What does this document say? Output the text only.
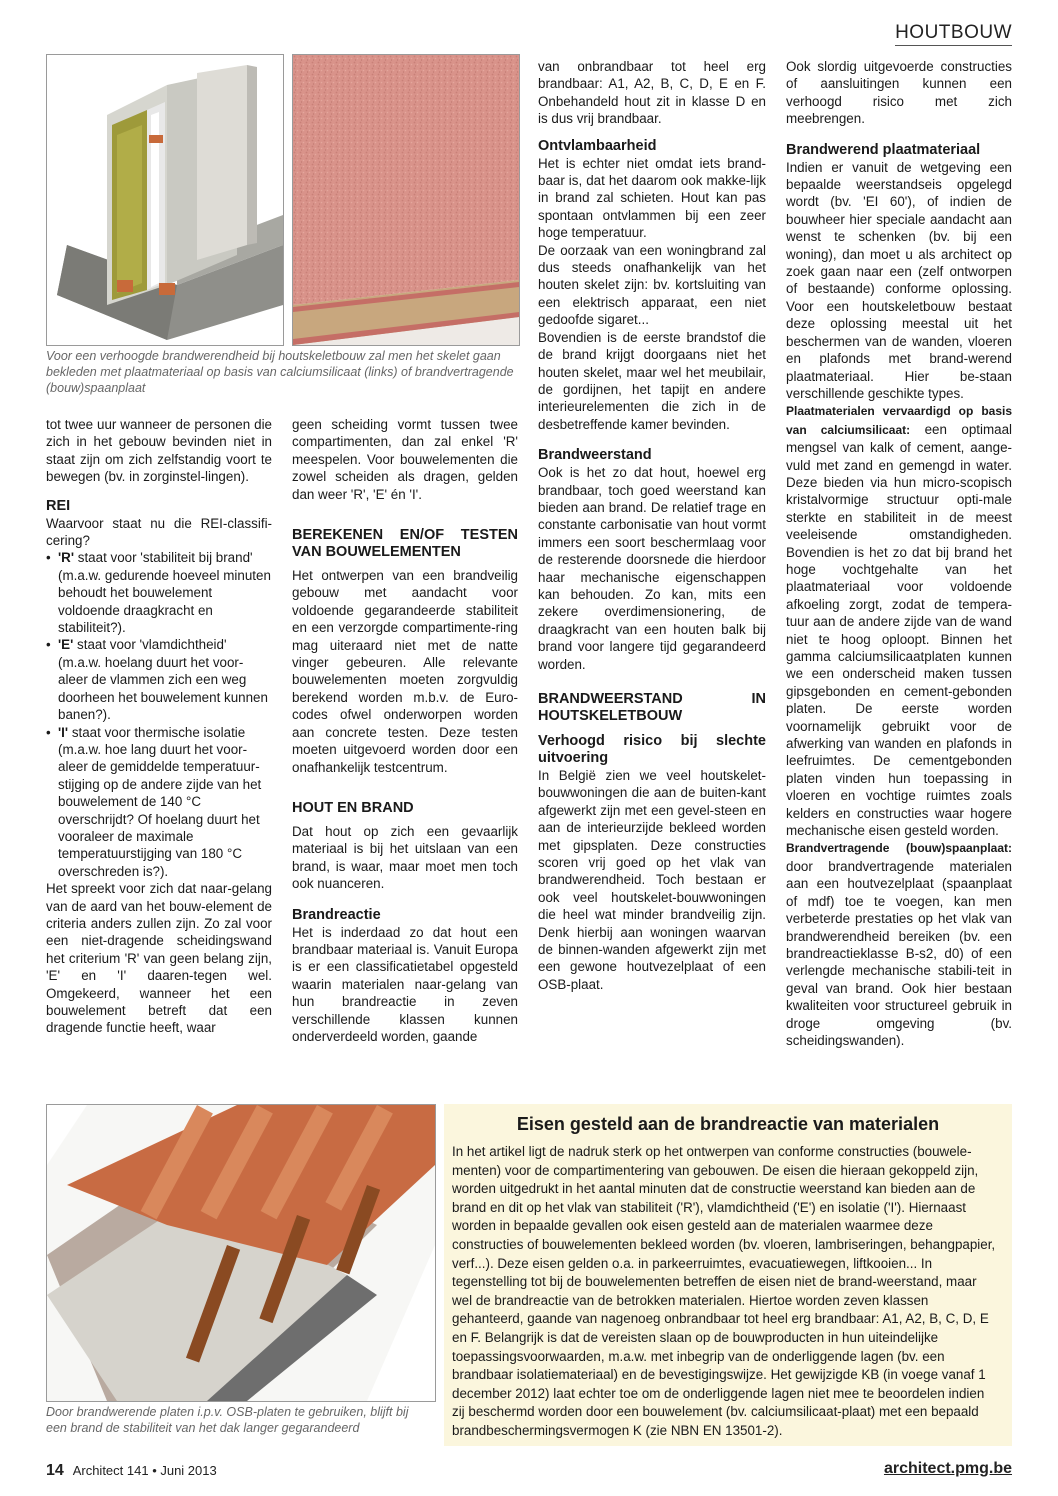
HOUTBOUW
Voor een verhoogde brandwerendheid bij houtskeletbouw zal men het skelet gaan bekleden met plaatmateriaal op basis van calciumsilicaat (links) of brandvertragende (bouw)spaanplaat

tot twee uur wanneer de personen die zich in het gebouw bevinden niet in staat zijn om zich zelfstandig voort te bewegen (bv. in zorginstel-lingen).

REI

Waarvoor staat nu die REI-classifi-cering?

• 'R' staat voor 'stabiliteit bij brand' (m.a.w. gedurende hoeveel minuten behoudt het bouwelement voldoende draagkracht en stabiliteit?).
• 'E' staat voor 'vlamdichtheid' (m.a.w. hoelang duurt het voor-aleer de vlammen zich een weg doorheen het bouwelement kunnen banen?).
• 'I' staat voor thermische isolatie (m.a.w. hoe lang duurt het voor-aleer de gemiddelde temperatuur-stijging op de andere zijde van het bouwelement de 140 °C overschrijdt? Of hoelang duurt het vooraleer de maximale temperatuurstijging van 180 °C overschreden is?).

Het spreekt voor zich dat naar-gelang van de aard van het bouw-element de criteria anders zullen zijn. Zo zal voor een niet-dragende scheidingswand het criterium 'R' van geen belang zijn, 'E' en 'I' daaren-tegen wel. Omgekeerd, wanneer het een bouwelement betreft dat een dragende functie heeft, waar

geen scheiding vormt tussen twee compartimenten, dan zal enkel 'R' meespelen. Voor bouwelementen die zowel scheiden als dragen, gelden dan weer 'R', 'E' én 'I'.

BEREKENEN EN/OF TESTEN VAN BOUWELEMENTEN

Het ontwerpen van een brandveilig gebouw met aandacht voor voldoende gegarandeerde stabiliteit en een verzorgde compartimente-ring mag uiteraard niet met de natte vinger gebeuren. Alle relevante bouwelementen moeten zorgvuldig berekend worden m.b.v. de Euro-codes ofwel onderworpen worden aan concrete testen. Deze testen moeten uitgevoerd worden door een onafhankelijk testcentrum.

HOUT EN BRAND

Dat hout op zich een gevaarlijk materiaal is bij het uitslaan van een brand, is waar, maar moet men toch ook nuanceren.

Brandreactie

Het is inderdaad zo dat hout een brandbaar materiaal is. Vanuit Europa is er een classificatietabel opgesteld waarin materialen naar-gelang van hun brandreactie in zeven verschillende klassen kunnen onderverdeeld worden, gaande

van onbrandbaar tot heel erg brandbaar: A1, A2, B, C, D, E en F. Onbehandeld hout zit in klasse D en is dus vrij brandbaar.

Ontvlambaarheid

Het is echter niet omdat iets brand-baar is, dat het daarom ook makke-lijk in brand zal schieten. Hout kan pas spontaan ontvlammen bij een zeer hoge temperatuur.

De oorzaak van een woningbrand zal dus steeds onafhankelijk van het houten skelet zijn: bv. kortsluiting van een elektrisch apparaat, een niet gedoofde sigaret...

Bovendien is de eerste brandstof die de brand krijgt doorgaans niet het houten skelet, maar wel het meubilair, de gordijnen, het tapijt en andere interieurelementen die zich in de desbetreffende kamer bevinden.

Brandweerstand

Ook is het zo dat hout, hoewel erg brandbaar, toch goed weerstand kan bieden aan brand. De relatief trage en constante carbonisatie van hout vormt immers een soort beschermlaag voor de resterende doorsnede die hierdoor haar mechanische eigenschappen kan behouden. Zo kan, mits een zekere overdimensionering, de draagkracht van een houten balk bij brand voor langere tijd gegarandeerd worden.

BRANDWEERSTAND IN HOUTSKELETBOUW
Verhoogd risico bij slechte uitvoering

In België zien we veel houtskelet-bouwwoningen die aan de buiten-kant afgewerkt zijn met een gevel-steen en aan de interieurzijde bekleed worden met gipsplaten. Deze constructies scoren vrij goed op het vlak van brandwerendheid. Toch bestaan er ook veel houtskelet-bouwwoningen die heel wat minder brandveilig zijn. Denk hierbij aan woningen waarvan de binnen-wanden afgewerkt zijn met een gewone houtvezelplaat of een OSB-plaat.

Ook slordig uitgevoerde constructies of aansluitingen kunnen een verhoogd risico met zich meebrengen.

Brandwerend plaatmateriaal

Indien er vanuit de wetgeving een bepaalde weerstandseis opgelegd wordt (bv. 'EI 60'), of indien de bouwheer hier speciale aandacht aan wenst te schenken (bv. bij een woning), dan moet u als architect op zoek gaan naar een (zelf ontworpen of bestaande) conforme oplossing. Voor een houtskeletbouw bestaat deze oplossing meestal uit het beschermen van de wanden, vloeren en plafonds met brand-werend plaatmateriaal. Hier be-staan verschillende geschikte types.

Plaatmaterialen vervaardigd op basis van calciumsilicaat: een optimaal mengsel van kalk of cement, aange-vuld met zand en gemengd in water. Deze bieden via hun micro-scopisch kristalvormige structuur opti-male sterkte en stabiliteit in de meest veeleisende omstandigheden. Bovendien is het zo dat bij brand het hoge vochtgehalte van het plaatmateriaal voor voldoende afkoeling zorgt, zodat de tempera-tuur aan de andere zijde van de wand niet te hoog oploopt. Binnen het gamma calciumsilicaatplaten kunnen we een onderscheid maken tussen gipsgebonden en cement-gebonden platen. De eerste worden voornamelijk gebruikt voor de afwerking van wanden en plafonds in leefruimtes. De cementgebonden platen vinden hun toepassing in vloeren en vochtige ruimtes zoals kelders en constructies waar hogere mechanische eisen gesteld worden.

Brandvertragende (bouw)spaanplaat: door brandvertragende materialen aan een houtvezelplaat (spaanplaat of mdf) toe te voegen, kan men verbeterde prestaties op het vlak van brandwerendheid bereiken (bv. een brandreactieklasse B-s2, d0) of een verlengde mechanische stabili-teit in geval van brand. Ook hier bestaan kwaliteiten voor structureel gebruik in droge omgeving (bv. scheidingswanden).

Door brandwerende platen i.p.v. OSB-platen te gebruiken, blijft bij een brand de stabiliteit van het dak langer gegarandeerd
Eisen gesteld aan de brandreactie van materialen

In het artikel ligt de nadruk sterk op het ontwerpen van conforme constructies (bouwele-menten) voor de compartimentering van gebouwen. De eisen die hieraan gekoppeld zijn, worden uitgedrukt in het aantal minuten dat de constructie weerstand kan bieden aan de brand en dit op het vlak van stabiliteit ('R'), vlamdichtheid ('E') en isolatie ('I'). Hiernaast worden in bepaalde gevallen ook eisen gesteld aan de materialen waarmee deze constructies of bouwelementen bekleed worden (bv. vloeren, lambriseringen, behangpapier, verf...). Deze eisen gelden o.a. in parkeerruimtes, evacuatiewegen, liftkooien... In tegenstelling tot bij de bouwelementen betreffen de eisen niet de brand-weerstand, maar wel de brandreactie van de betrokken materialen. Hiertoe worden zeven klassen gehanteerd, gaande van nagenoeg onbrandbaar tot heel erg brandbaar: A1, A2, B, C, D, E en F. Belangrijk is dat de vereisten slaan op de bouwproducten in hun uiteindelijke toepassingsvoorwaarden, m.a.w. met inbegrip van de onderliggende lagen (bv. een brandbaar isolatiemateriaal) en de bevestigingswijze. Het gewijzigde KB (in voege vanaf 1 december 2012) laat echter toe om de onderliggende lagen niet mee te beoordelen indien zij beschermd worden door een bouwelement (bv. calciumsilicaat-plaat) met een bepaald brandbeschermingsvermogen K (zie NBN EN 13501-2).

14 Architect 141 • Juni 2013	architect.pmg.be
